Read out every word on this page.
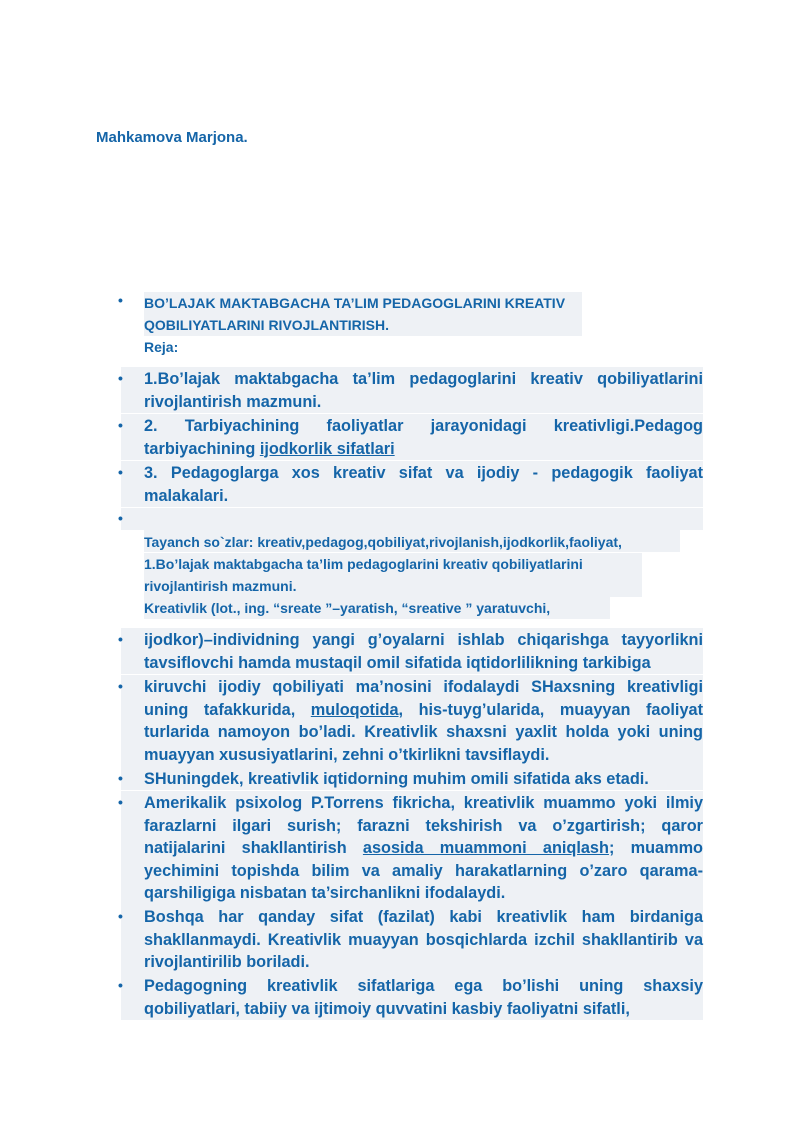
Mahkamova Marjona.
• BO’LAJAK MAKTABGACHA TA’LIM PEDAGOGLARINI KREATIV
QOBILIYATLARINI RIVOJLANTIRISH.
Reja:
• 1.Bo’lajak maktabgacha ta’lim pedagoglarini kreativ qobiliyatlarini rivojlantirish mazmuni.
• 2. Tarbiyachining faoliyatlar jarayonidagi kreativligi.Pedagog tarbiyachining ijodkorlik sifatlari
• 3. Pedagoglarga xos kreativ sifat va ijodiy - pedagogik faoliyat malakalari.
•
Tayanch so`zlar: kreativ,pedagog,qobiliyat,rivojlanish,ijodkorlik,faoliyat,
1.Bo’lajak maktabgacha ta’lim pedagoglarini kreativ qobiliyatlarini
rivojlantirish mazmuni.
Kreativlik (lot., ing. “sreate ”–yaratish, “sreative ” yaratuvchi,
• ijodkor)–individning yangi g’oyalarni ishlab chiqarishga tayyorlikni tavsiflovchi hamda mustaqil omil sifatida iqtidorlilikning tarkibiga
• kiruvchi ijodiy qobiliyati ma’nosini ifodalaydi SHaxsning kreativligi uning tafakkurida, muloqotida, his-tuyg’ularida, muayyan faoliyat turlarida namoyon bo’ladi. Kreativlik shaxsni yaxlit holda yoki uning muayyan xususiyatlarini, zehni o’tkirlikni tavsiflaydi.
• SHuningdek, kreativlik iqtidorning muhim omili sifatida aks etadi.
• Amerikalik psixolog P.Torrens fikricha, kreativlik muammo yoki ilmiy farazlarni ilgari surish; farazni tekshirish va o’zgartirish; qaror natijalarini shakllantirish asosida muammoni aniqlash; muammo yechimini topishda bilim va amaliy harakatlarning o’zaro qarama-qarshiligiga nisbatan ta’sirchanlikni ifodalaydi.
• Boshqa har qanday sifat (fazilat) kabi kreativlik ham birdaniga shakllanmaydi. Kreativlik muayyan bosqichlarda izchil shakllantirib va rivojlantirilib boriladi.
• Pedagogning kreativlik sifatlariga ega bo’lishi uning shaxsiy qobiliyatlari, tabiiy va ijtimoiy quvvatini kasbiy faoliyatni sifatli,
